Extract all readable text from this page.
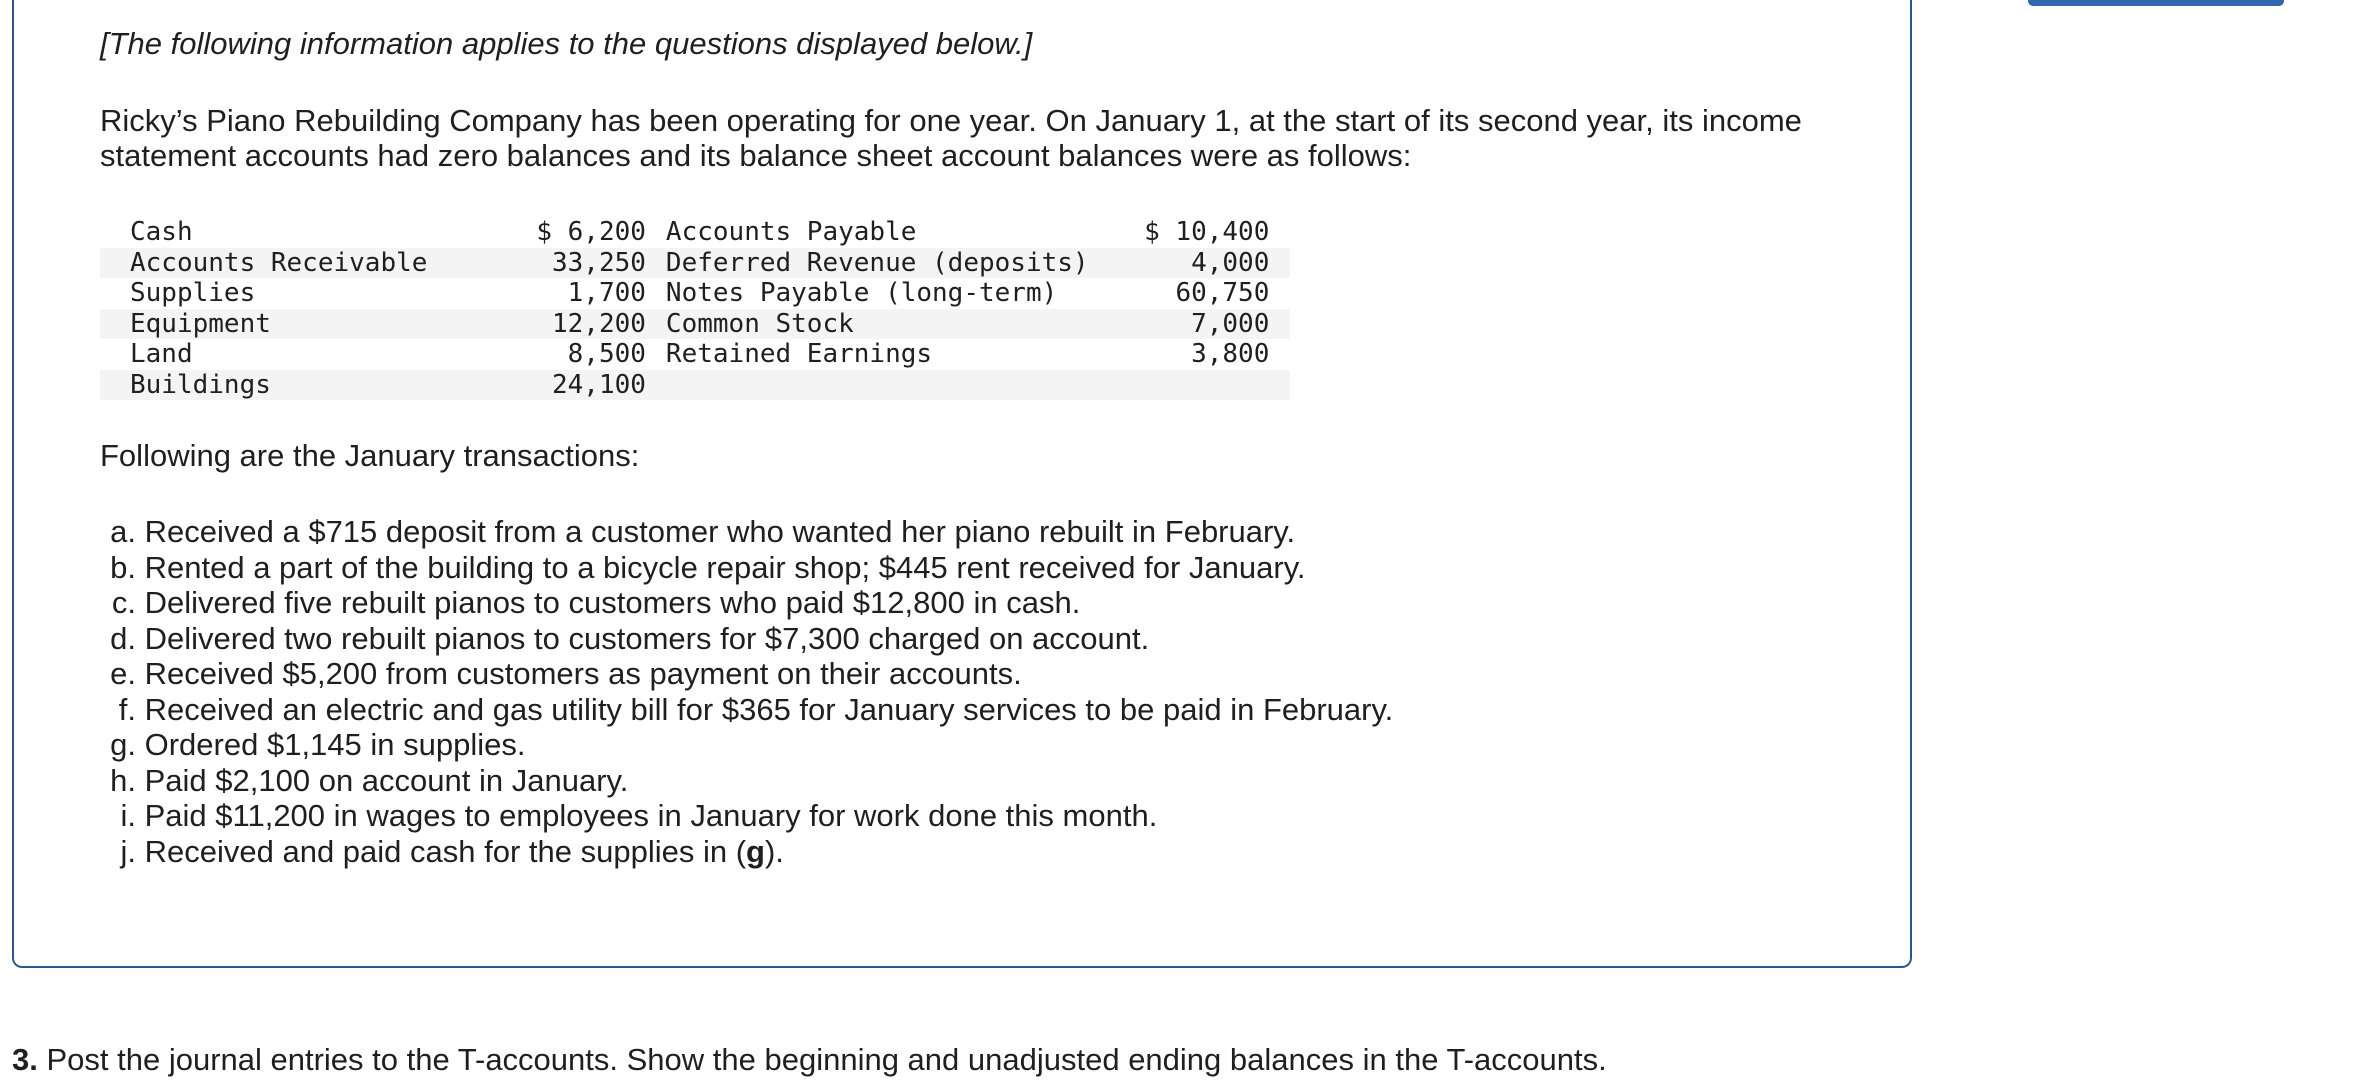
[The following information applies to the questions displayed below.]
Ricky’s Piano Rebuilding Company has been operating for one year. On January 1, at the start of its second year, its income statement accounts had zero balances and its balance sheet account balances were as follows:
Cash	$ 6,200	Accounts Payable	$ 10,400	
Accounts Receivable	33,250	Deferred Revenue (deposits)	4,000	
Supplies	1,700	Notes Payable (long-term)	60,750	
Equipment	12,200	Common Stock	7,000	
Land	8,500	Retained Earnings	3,800	
Buildings	24,100			
Following are the January transactions:
a. Received a $715 deposit from a customer who wanted her piano rebuilt in February.
b. Rented a part of the building to a bicycle repair shop; $445 rent received for January.
c. Delivered five rebuilt pianos to customers who paid $12,800 in cash.
d. Delivered two rebuilt pianos to customers for $7,300 charged on account.
e. Received $5,200 from customers as payment on their accounts.
f. Received an electric and gas utility bill for $365 for January services to be paid in February.
g. Ordered $1,145 in supplies.
h. Paid $2,100 on account in January.
i. Paid $11,200 in wages to employees in January for work done this month.
j. Received and paid cash for the supplies in (g).
3. Post the journal entries to the T-accounts. Show the beginning and unadjusted ending balances in the T-accounts.
